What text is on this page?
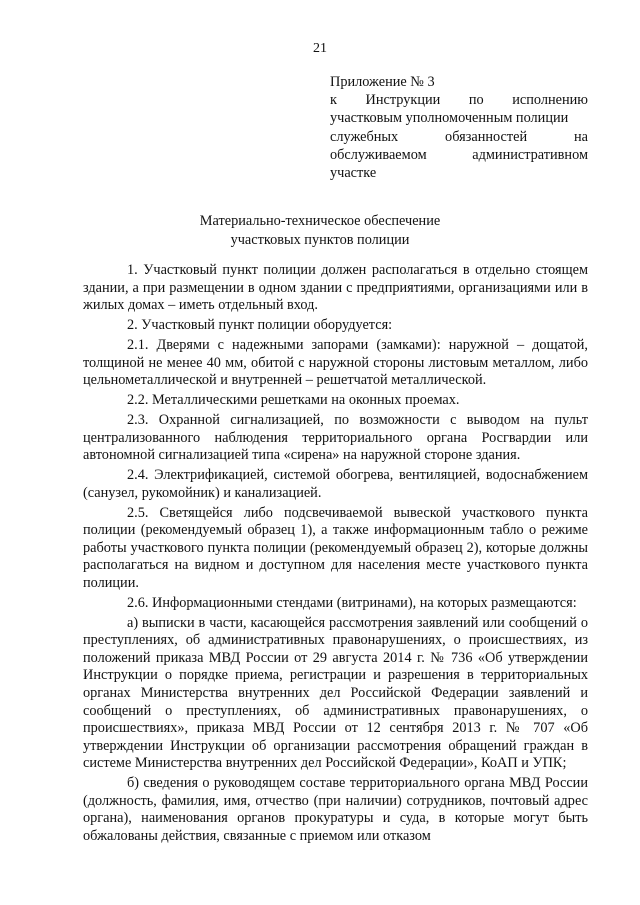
21
Приложение № 3
к Инструкции по исполнению
участковым уполномоченным полиции
служебных обязанностей на
обслуживаемом административном
участке
Материально-техническое обеспечение
участковых пунктов полиции

1. Участковый пункт полиции должен располагаться в отдельно стоящем здании, а при размещении в одном здании с предприятиями, организациями или в жилых домах – иметь отдельный вход.

2. Участковый пункт полиции оборудуется:

2.1. Дверями с надежными запорами (замками): наружной – дощатой, толщиной не менее 40 мм, обитой с наружной стороны листовым металлом, либо цельнометаллической и внутренней – решетчатой металлической.

2.2. Металлическими решетками на оконных проемах.

2.3. Охранной сигнализацией, по возможности с выводом на пульт централизованного наблюдения территориального органа Росгвардии или автономной сигнализацией типа «сирена» на наружной стороне здания.

2.4. Электрификацией, системой обогрева, вентиляцией, водоснабжением (санузел, рукомойник) и канализацией.

2.5. Светящейся либо подсвечиваемой вывеской участкового пункта полиции (рекомендуемый образец 1), а также информационным табло о режиме работы участкового пункта полиции (рекомендуемый образец 2), которые должны располагаться на видном и доступном для населения месте участкового пункта полиции.

2.6. Информационными стендами (витринами), на которых размещаются:

а) выписки в части, касающейся рассмотрения заявлений или сообщений о преступлениях, об административных правонарушениях, о происшествиях, из положений приказа МВД России от 29 августа 2014 г. № 736 «Об утверждении Инструкции о порядке приема, регистрации и разрешения в территориальных органах Министерства внутренних дел Российской Федерации заявлений и сообщений о преступлениях, об административных правонарушениях, о происшествиях», приказа МВД России от 12 сентября 2013 г. № 707 «Об утверждении Инструкции об организации рассмотрения обращений граждан в системе Министерства внутренних дел Российской Федерации», КоАП и УПК;

б) сведения о руководящем составе территориального органа МВД России (должность, фамилия, имя, отчество (при наличии) сотрудников, почтовый адрес органа), наименования органов прокуратуры и суда, в которые могут быть обжалованы действия, связанные с приемом или отказом
